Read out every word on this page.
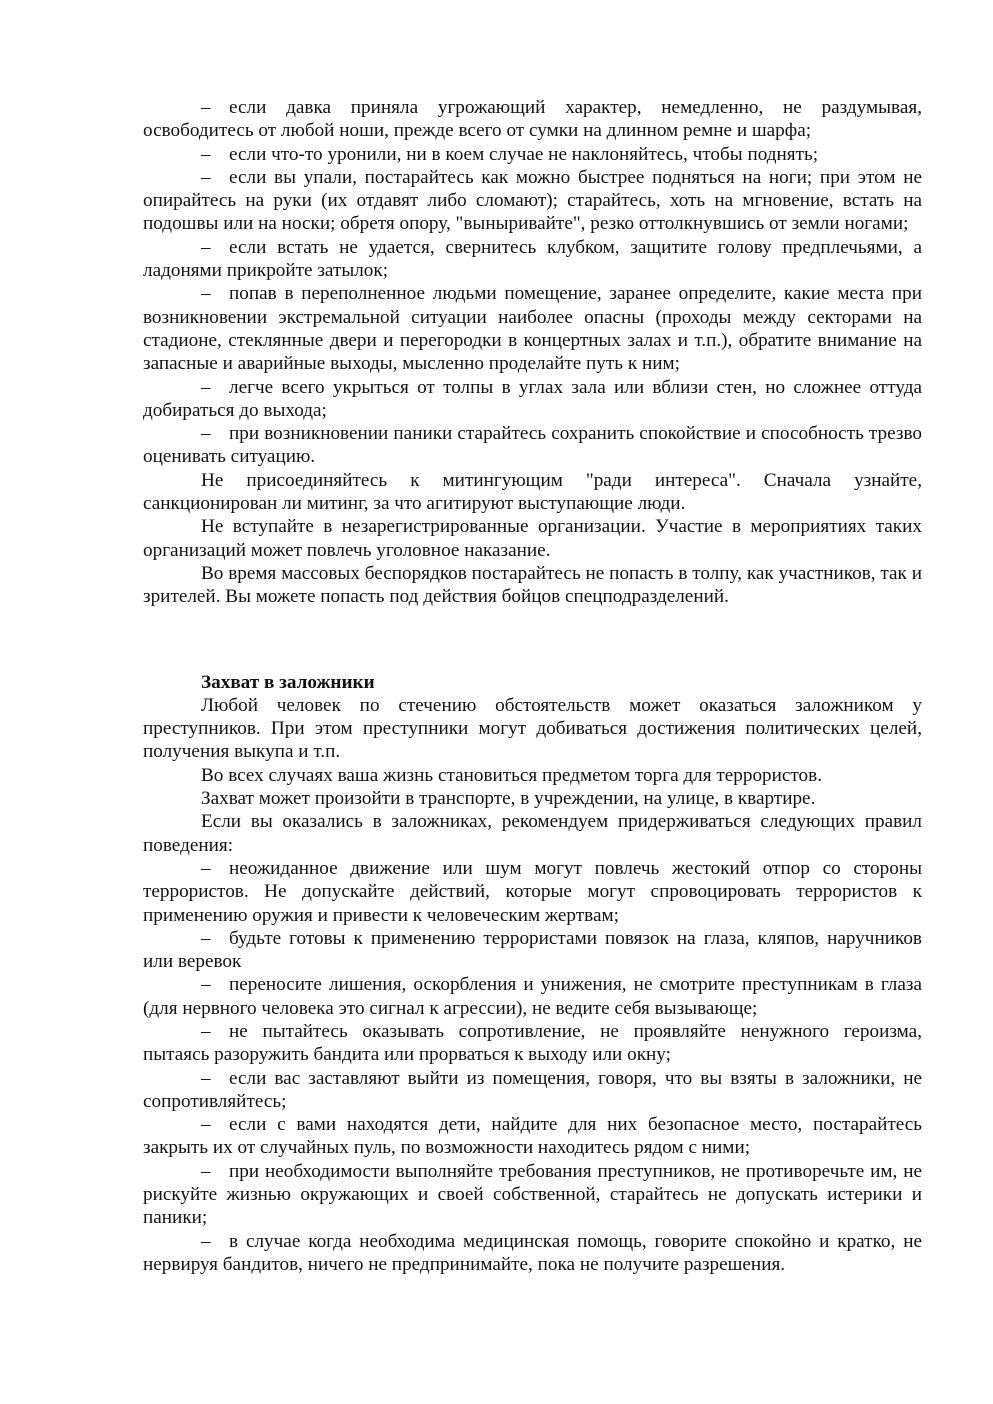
– если давка приняла угрожающий характер, немедленно, не раздумывая, освободитесь от любой ноши, прежде всего от сумки на длинном ремне и шарфа;

– если что-то уронили, ни в коем случае не наклоняйтесь, чтобы поднять;

– если вы упали, постарайтесь как можно быстрее подняться на ноги; при этом не опирайтесь на руки (их отдавят либо сломают); старайтесь, хоть на мгновение, встать на подошвы или на носки; обретя опору, "выныривайте", резко оттолкнувшись от земли ногами;

– если встать не удается, свернитесь клубком, защитите голову предплечьями, а ладонями прикройте затылок;

– попав в переполненное людьми помещение, заранее определите, какие места при возникновении экстремальной ситуации наиболее опасны (проходы между секторами на стадионе, стеклянные двери и перегородки в концертных залах и т.п.), обратите внимание на запасные и аварийные выходы, мысленно проделайте путь к ним;

– легче всего укрыться от толпы в углах зала или вблизи стен, но сложнее оттуда добираться до выхода;

– при возникновении паники старайтесь сохранить спокойствие и способность трезво оценивать ситуацию.

Не присоединяйтесь к митингующим "ради интереса". Сначала узнайте, санкционирован ли митинг, за что агитируют выступающие люди.

Не вступайте в незарегистрированные организации. Участие в мероприятиях таких организаций может повлечь уголовное наказание.

Во время массовых беспорядков постарайтесь не попасть в толпу, как участников, так и зрителей. Вы можете попасть под действия бойцов спецподразделений.

Захват в заложники

Любой человек по стечению обстоятельств может оказаться заложником у преступников. При этом преступники могут добиваться достижения политических целей, получения выкупа и т.п.

Во всех случаях ваша жизнь становиться предметом торга для террористов.

Захват может произойти в транспорте, в учреждении, на улице, в квартире.

Если вы оказались в заложниках, рекомендуем придерживаться следующих правил поведения:

– неожиданное движение или шум могут повлечь жестокий отпор со стороны террористов. Не допускайте действий, которые могут спровоцировать террористов к применению оружия и привести к человеческим жертвам;

– будьте готовы к применению террористами повязок на глаза, кляпов, наручников или веревок

– переносите лишения, оскорбления и унижения, не смотрите преступникам в глаза (для нервного человека это сигнал к агрессии), не ведите себя вызывающе;

– не пытайтесь оказывать сопротивление, не проявляйте ненужного героизма, пытаясь разоружить бандита или прорваться к выходу или окну;

– если вас заставляют выйти из помещения, говоря, что вы взяты в заложники, не сопротивляйтесь;

– если с вами находятся дети, найдите для них безопасное место, постарайтесь закрыть их от случайных пуль, по возможности находитесь рядом с ними;

– при необходимости выполняйте требования преступников, не противоречьте им, не рискуйте жизнью окружающих и своей собственной, старайтесь не допускать истерики и паники;

– в случае когда необходима медицинская помощь, говорите спокойно и кратко, не нервируя бандитов, ничего не предпринимайте, пока не получите разрешения.
